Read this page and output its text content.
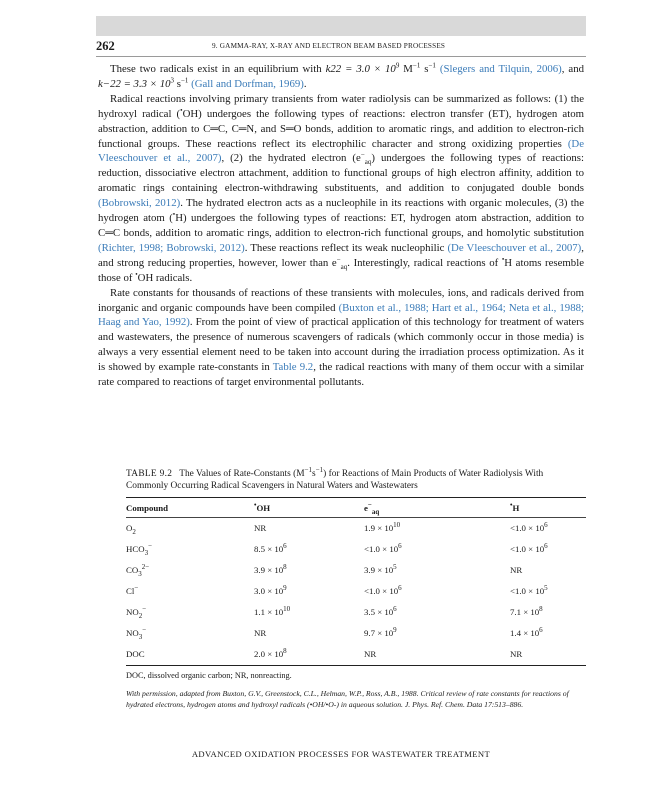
262	9. GAMMA-RAY, X-RAY AND ELECTRON BEAM BASED PROCESSES

These two radicals exist in an equilibrium with $k22 = 3.0 \times 10^9$ $M^{-1}$ $s^{-1}$ (Slegers and Tilquin, 2006), and $k-22 = 3.3 \times 10^3$ $s^{-1}$ (Gall and Dorfman, 1969).

Radical reactions involving primary transients from water radiolysis can be summarized as follows: (1) the hydroxyl radical (•OH) undergoes the following types of reactions: electron transfer (ET), hydrogen atom abstraction, addition to C═C, C═N, and S═O bonds, addition to aromatic rings, and addition to electron-rich functional groups. These reactions reflect its electrophilic character and strong oxidizing properties (De Vleeschouver et al., 2007), (2) the hydrated electron $(e^-_{aq})$ undergoes the following types of reactions: reduction, dissociative electron attachment, addition to functional groups of high electron affinity, addition to aromatic rings containing electron-withdrawing substituents, and addition to conjugated double bonds (Bobrowski, 2012). The hydrated electron acts as a nucleophile in its reactions with organic molecules, (3) the hydrogen atom (•H) undergoes the following types of reactions: ET, hydrogen atom abstraction, addition to C═C bonds, addition to aromatic rings, addition to electron-rich functional groups, and homolytic substitution (Richter, 1998; Bobrowski, 2012). These reactions reflect its weak nucleophilic (De Vleeschouver et al., 2007), and strong reducing properties, however, lower than $e^-_{aq}$. Interestingly, radical reactions of •H atoms resemble those of •OH radicals.

Rate constants for thousands of reactions of these transients with molecules, ions, and radicals derived from inorganic and organic compounds have been compiled (Buxton et al., 1988; Hart et al., 1964; Neta et al., 1988; Haag and Yao, 1992). From the point of view of practical application of this technology for treatment of waters and wastewaters, the presence of numerous scavengers of radicals (which commonly occur in those media) is always a very essential element need to be taken into account during the irradiation process optimization. As it is showed by example rate-constants in Table 9.2, the radical reactions with many of them occur with a similar rate compared to reactions of target environmental pollutants.

TABLE 9.2 The Values of Rate-Constants $(M^{-1}s^{-1})$ for Reactions of Main Products of Water Radiolysis With Commonly Occurring Radical Scavengers in Natural Waters and Wastewaters

Compound	•OH	$e^-_{aq}$	•H
$O_2$	NR	$1.9 \times 10^{10}$	$<1.0 \times 10^6$
$HCO_3^-$	$8.5 \times 10^6$	$<1.0 \times 10^6$	$<1.0 \times 10^6$
$CO_3^{2-}$	$3.9 \times 10^8$	$3.9 \times 10^5$	NR
Cl−	$3.0 \times 10^9$	$<1.0 \times 10^6$	$<1.0 \times 10^5$
$NO_2^-$	$1.1 \times 10^{10}$	$3.5 \times 10^6$	$7.1 \times 10^8$
$NO_3^-$	NR	$9.7 \times 10^9$	$1.4 \times 10^6$
DOC	$2.0 \times 10^8$	NR	NR

DOC, dissolved organic carbon; NR, nonreacting.

With permission, adapted from Buxton, G.V., Greenstock, C.L., Helman, W.P., Ross, A.B., 1988. Critical review of rate constants for reactions of hydrated electrons, hydrogen atoms and hydroxyl radicals (•OH/•O-) in aqueous solution. J. Phys. Ref. Chem. Data 17:513–886.

ADVANCED OXIDATION PROCESSES FOR WASTEWATER TREATMENT
